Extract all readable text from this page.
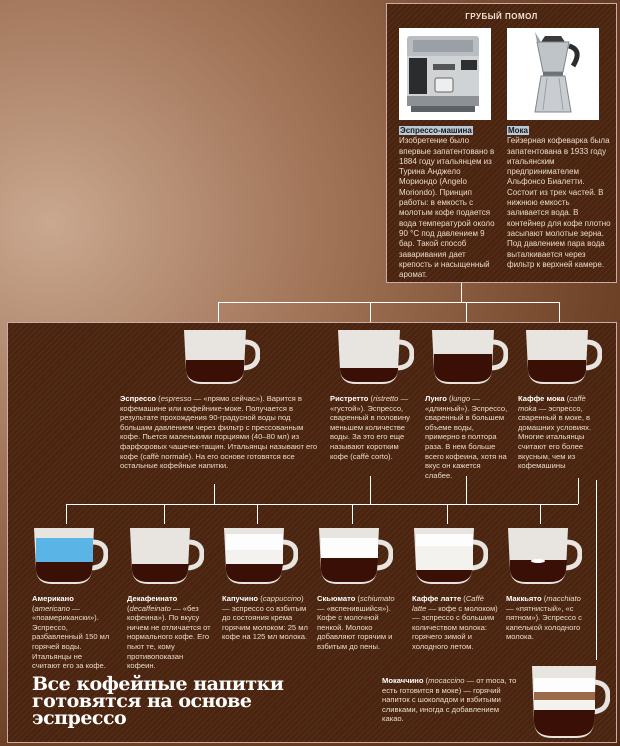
ГРУБЫЙ ПОМОЛ
Эспрессо-машина
Изобретение было впервые запатентовано в 1884 году итальянцем из Турина Анджело Мориондо (Angelo Moriondo). Принцип работы: в емкость с молотым кофе подается вода температурой около 90 °С под давлением 9 бар. Такой способ заваривания дает крепость и насыщенный аромат.
Мока
Гейзерная кофеварка была запатентована в 1933 году итальянским предпринимателем Альфонсо Биалетти. Состоит из трех частей. В нижнюю емкость заливается вода. В контейнер для кофе плотно засыпают молотые зерна. Под давлением пара вода выталкивается через фильтр к верхней камере.
Эспрессо (espresso — «прямо сейчас»). Варится в кофемашине или кофейнике-моке. Получается в результате прохождения 90-градусной воды под большим давлением через фильтр с прессованным кофе. Пьется маленькими порциями (40–80 мл) из фарфоровых чашечек-тащин. Итальянцы называют его кофе (caffè normale). На его основе готовятся все остальные кофейные напитки.
Ристретто (ristretto — «густой»). Эспрессо, сваренный в половину меньшем количестве воды. За это его еще называют коротким кофе (caffè corto).
Лунго (lungo — «длинный»). Эспрессо, сваренный в большем объеме воды, примерно в полтора раза. В нем больше всего кофеина, хотя на вкус он кажется слабее.
Каффе мока (caffè moka — эспрессо, сваренный в моке, в домашних условиях. Многие итальянцы считают его более вкусным, чем из кофемашины
Американо (americano — «поамерикански»). Эспрессо, разбавленный 150 мл горячей воды. Итальянцы не считают его за кофе.
Декафеинато (decaffeinato — «без кофеина»). По вкусу ничем не отличается от нормального кофе. Его пьют те, кому противопоказан кофеин.
Капучино (cappuccino) — эспрессо со взбитым до состояния крема горячим молоком: 25 мл кофе на 125 мл молока.
Скьюмато (schiumato — «вспенившийся»). Кофе с молочной пенкой. Молоко добавляют горячим и взбитым до пены.
Каффе латте (Caffè latte — кофе с молоком) — эспрессо с большим количеством молока: горячего зимой и холодного летом.
Маккьято (macchiato — «пятнистый», «с пятном»). Эспрессо с капелькой холодного молока.
Мокаччино (mocaccino — от moca, то есть готовится в моке) — горячий напиток с шоколадом и взбитыми сливками, иногда с добавлением какао.
Все кофейные напитки готовятся на основе эспрессо
